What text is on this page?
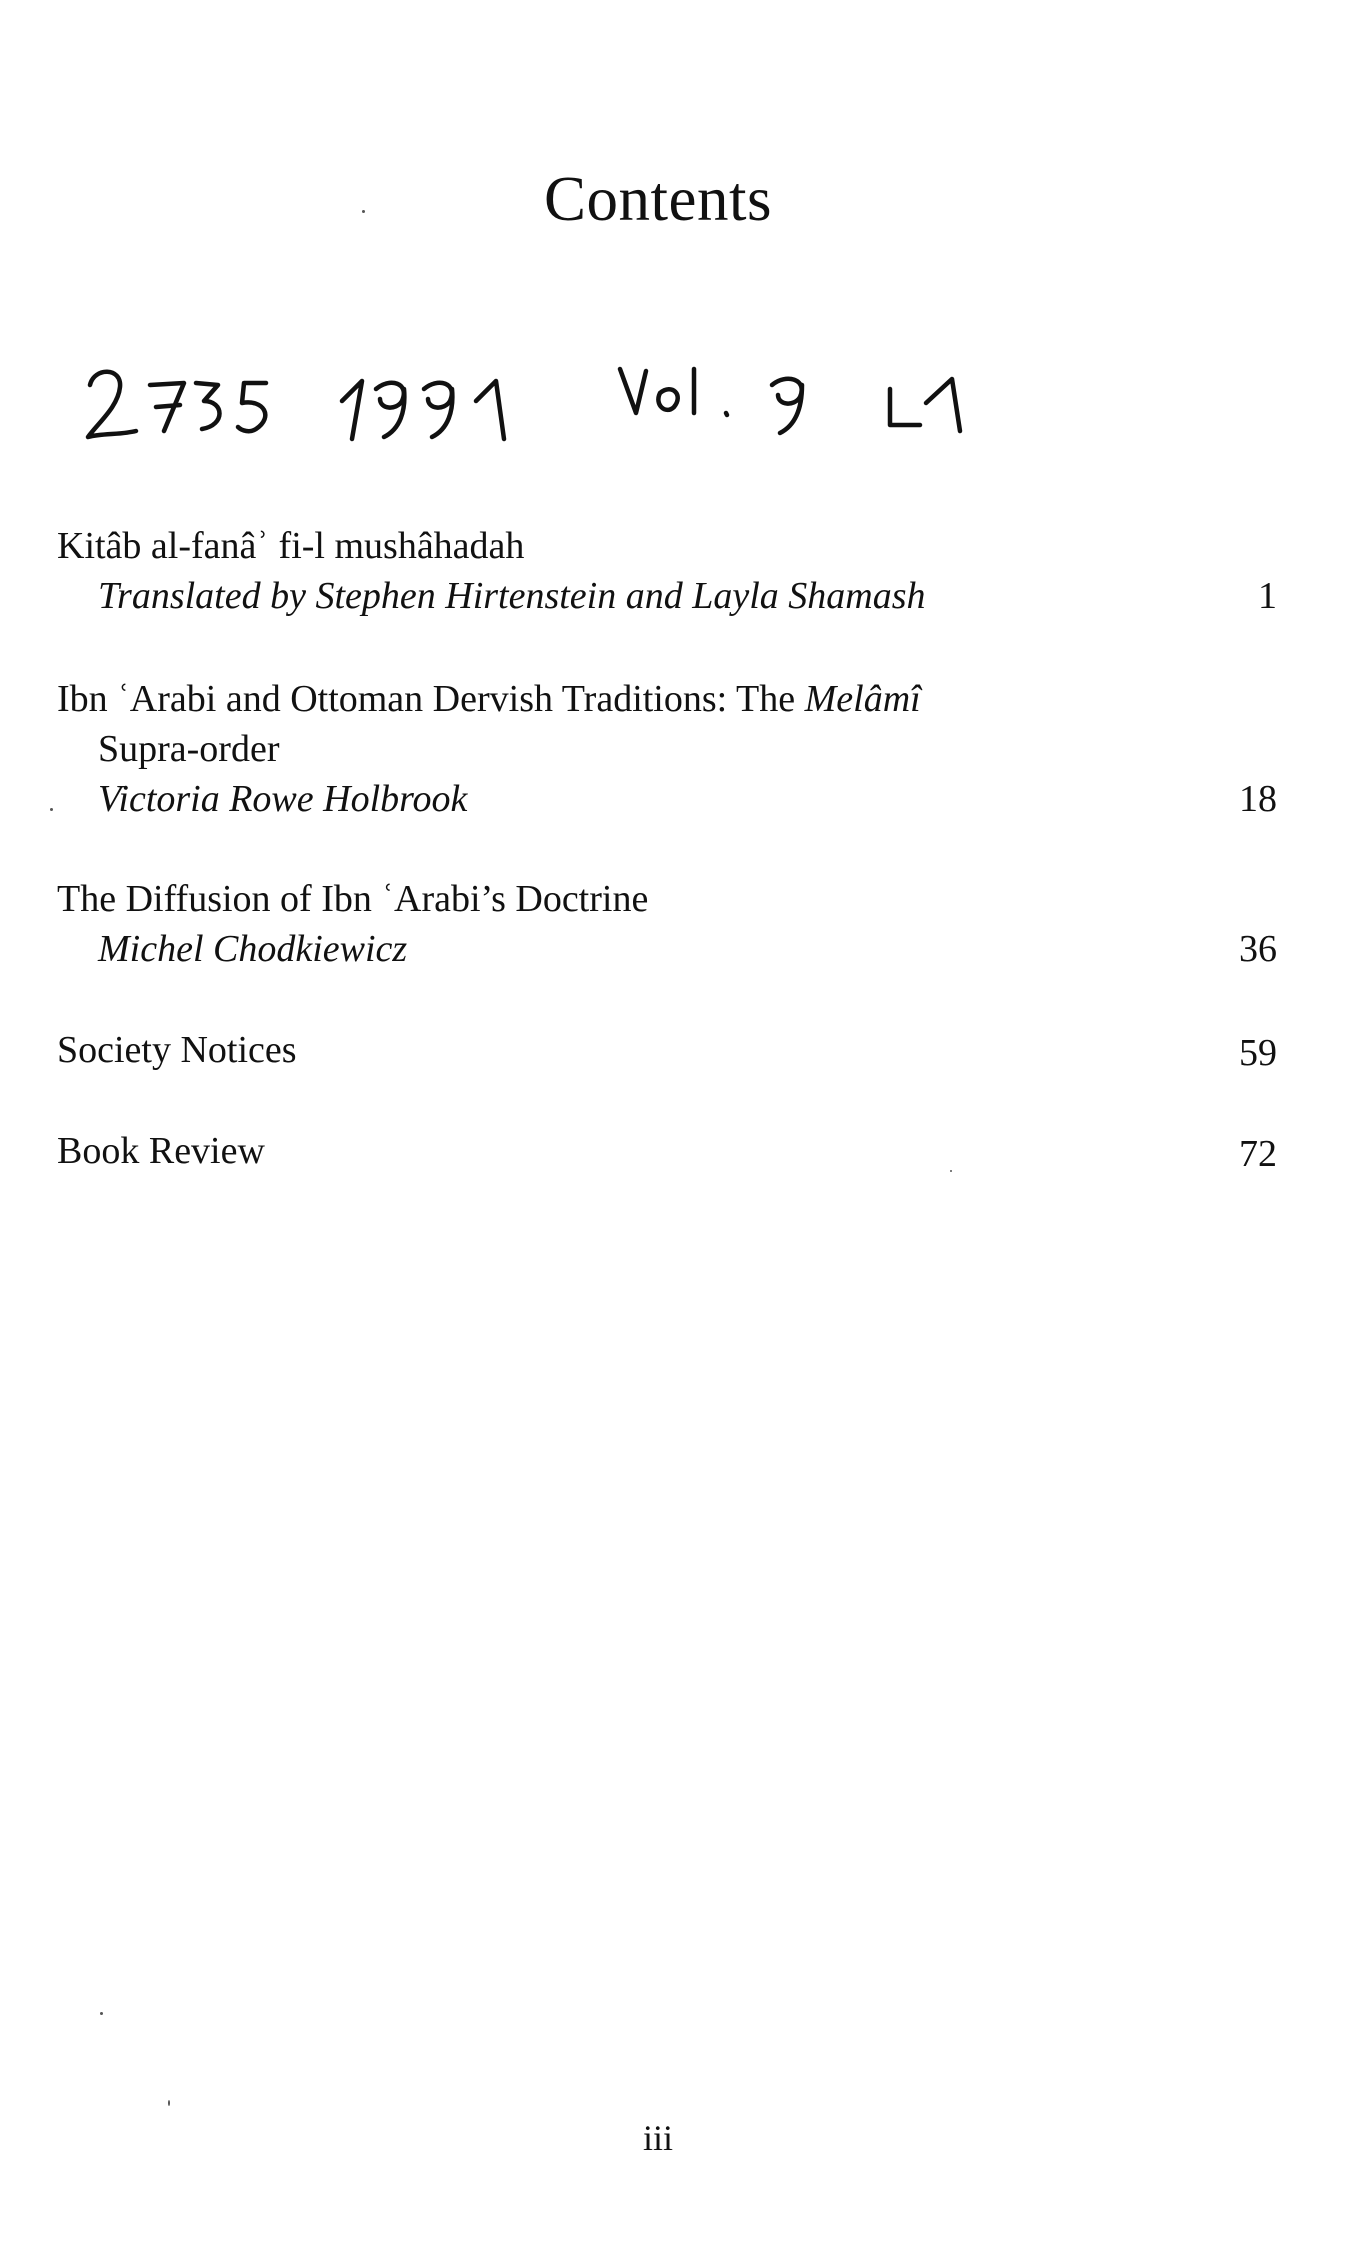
Contents
Kitâb al-fanâʾ fi-l mushâhadah
Translated by Stephen Hirtenstein and Layla Shamash	1
Ibn ʿArabi and Ottoman Dervish Traditions: The Melâmî
Supra-order
Victoria Rowe Holbrook	18
The Diffusion of Ibn ʿArabi’s Doctrine
Michel Chodkiewicz	36
Society Notices	59
Book Review	72
iii
